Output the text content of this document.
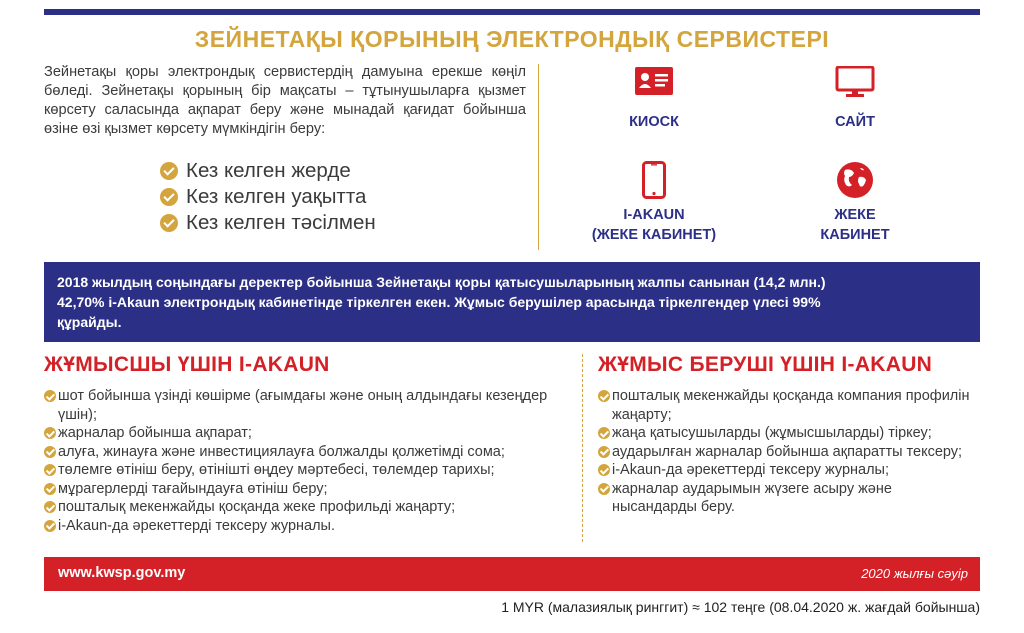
ЗЕЙНЕТАҚЫ ҚОРЫНЫҢ ЭЛЕКТРОНДЫҚ СЕРВИСТЕРІ
Зейнетақы қоры электрондық сервистердің дамуына ерекше көңіл бөледі. Зейнетақы қорының бір мақсаты – тұтынушыларға қызмет көрсету саласында ақпарат беру және мынадай қағидат бойынша өзіне өзі қызмет көрсету мүмкіндігін беру:
Кез келген жерде
Кез келген уақытта
Кез келген тәсілмен
КИОСК	САЙТ
I-AKAUN
(ЖЕКЕ КАБИНЕТ)
ЖЕКЕ
КАБИНЕТ
2018 жылдың соңындағы деректер бойынша Зейнетақы қоры қатысушыларының жалпы санынан (14,2 млн.)
42,70% i-Akaun электрондық кабинетінде тіркелген екен. Жұмыс берушілер арасында тіркелгендер үлесі 99%
құрайды.
ЖҰМЫСШЫ ҮШІН I-AKAUN
шот бойынша үзінді көшірме (ағымдағы және оның алдындағы кезеңдер үшін);
жарналар бойынша ақпарат;
алуға, жинауға және инвестициялауға болжалды қолжетімді сома;
төлемге өтініш беру, өтінішті өңдеу мәртебесі, төлемдер тарихы;
мұрагерлерді тағайындауға өтініш беру;
пошталық мекенжайды қосқанда жеке профильді жаңарту;
i-Akaun-да әрекеттерді тексеру журналы.
ЖҰМЫС БЕРУШІ ҮШІН I-AKAUN
пошталық мекенжайды қосқанда компания профилін жаңарту;
жаңа қатысушыларды (жұмысшыларды) тіркеу;
аударылған жарналар бойынша ақпаратты тексеру;
i-Akaun-да әрекеттерді тексеру журналы;
жарналар аударымын жүзеге асыру және нысандарды беру.
www.kwsp.gov.my	2020 жылғы сәуір
1 MYR (малазиялық ринггит) ≈ 102 теңге (08.04.2020 ж. жағдай бойынша)
